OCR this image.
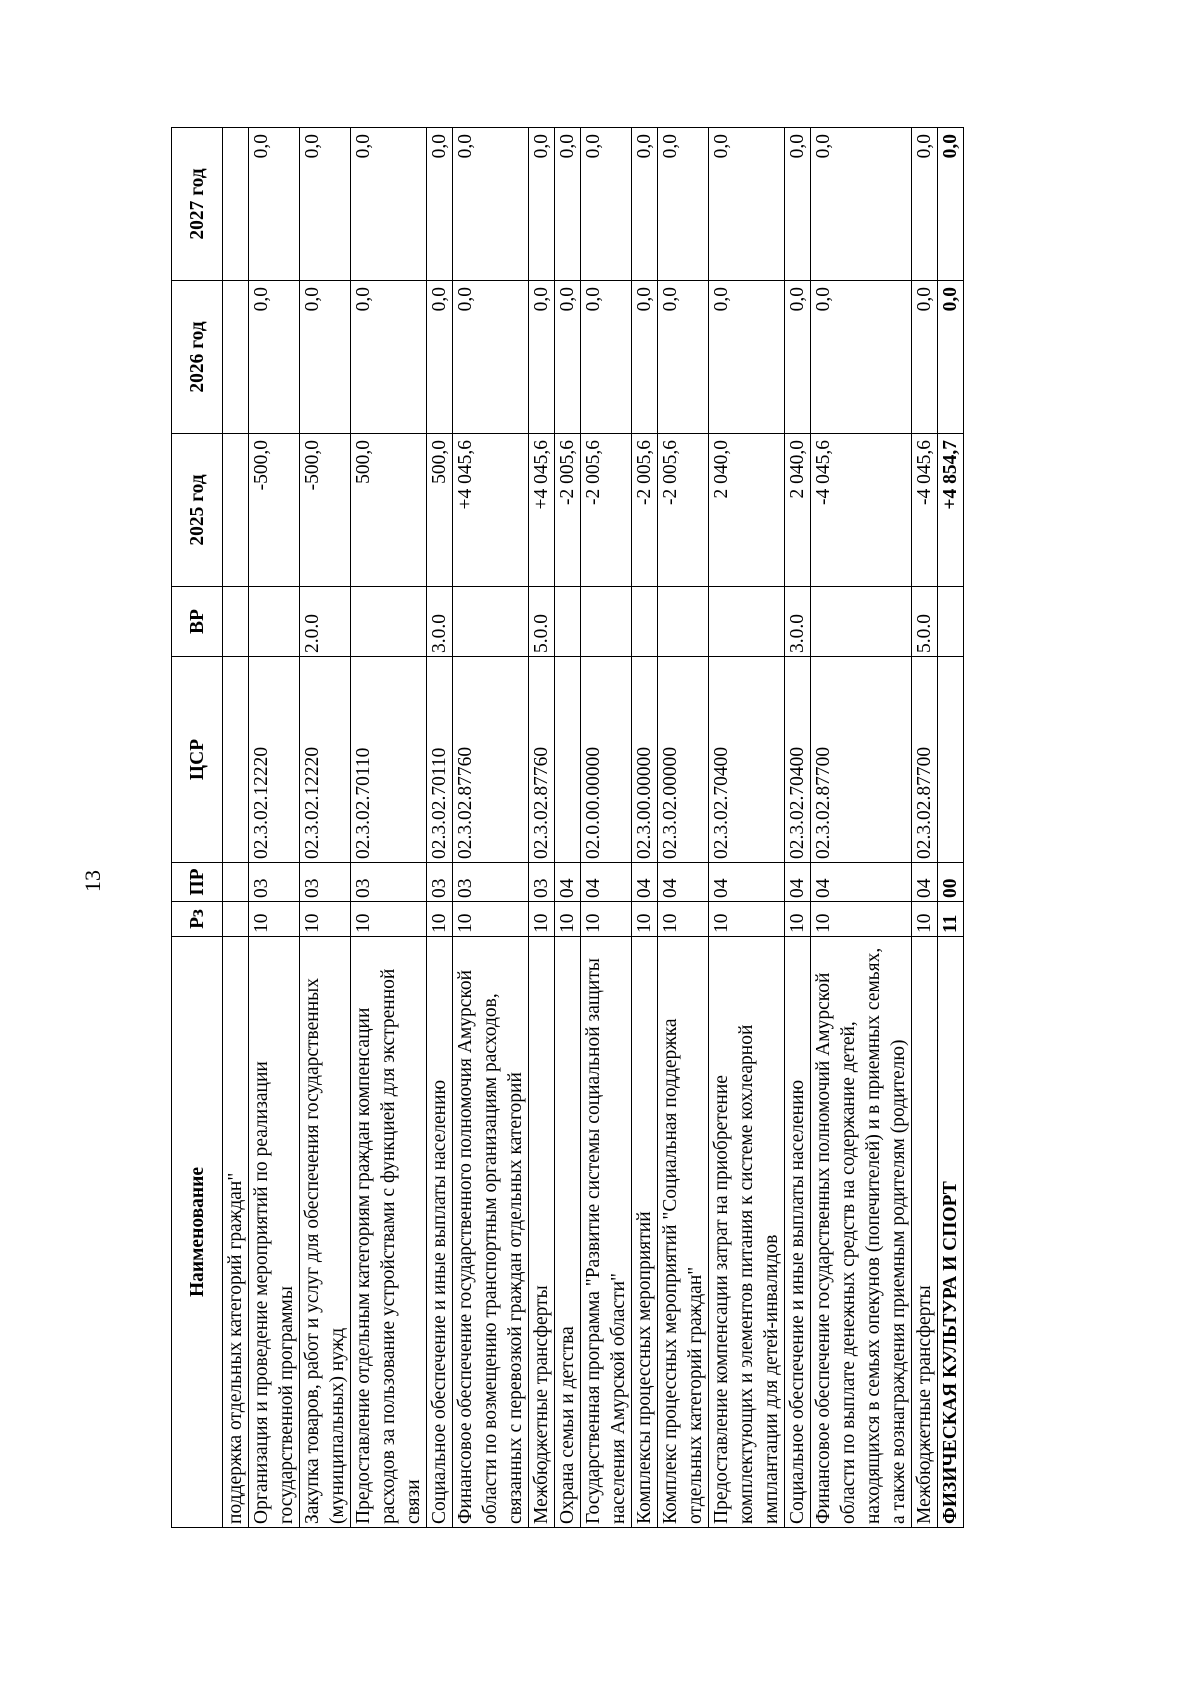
13
Наименование	Рз	ПР	ЦСР	ВР	2025 год	2026 год	2027 год
поддержка отдельных категорий граждан"							
Организация и проведение мероприятий по реализации государственной программы	10	03	02.3.02.12220		-500,0	0,0	0,0
Закупка товаров, работ и услуг для обеспечения государственных (муниципальных) нужд	10	03	02.3.02.12220	2.0.0	-500,0	0,0	0,0
Предоставление отдельным категориям граждан компенсации расходов за пользование устройствами с функцией для экстренной связи	10	03	02.3.02.70110		500,0	0,0	0,0
Социальное обеспечение и иные выплаты населению	10	03	02.3.02.70110	3.0.0	500,0	0,0	0,0
Финансовое обеспечение государственного полномочия Амурской области по возмещению транспортным организациям расходов, связанных с перевозкой граждан отдельных категорий	10	03	02.3.02.87760		+4 045,6	0,0	0,0
Межбюджетные трансферты	10	03	02.3.02.87760	5.0.0	+4 045,6	0,0	0,0
Охрана семьи и детства	10	04			-2 005,6	0,0	0,0
Государственная программа "Развитие системы социальной защиты населения Амурской области"	10	04	02.0.00.00000		-2 005,6	0,0	0,0
Комплексы процессных мероприятий	10	04	02.3.00.00000		-2 005,6	0,0	0,0
Комплекс процессных мероприятий "Социальная поддержка отдельных категорий граждан"	10	04	02.3.02.00000		-2 005,6	0,0	0,0
Предоставление компенсации затрат на приобретение комплектующих и элементов питания к системе кохлеарной имплантации для детей-инвалидов	10	04	02.3.02.70400		2 040,0	0,0	0,0
Социальное обеспечение и иные выплаты населению	10	04	02.3.02.70400	3.0.0	2 040,0	0,0	0,0
Финансовое обеспечение государственных полномочий Амурской области по выплате денежных средств на содержание детей, находящихся в семьях опекунов (попечителей) и в приемных семьях, а также вознаграждения приемным родителям (родителю)	10	04	02.3.02.87700		-4 045,6	0,0	0,0
Межбюджетные трансферты	10	04	02.3.02.87700	5.0.0	-4 045,6	0,0	0,0
ФИЗИЧЕСКАЯ КУЛЬТУРА И СПОРТ	11	00			+4 854,7	0,0	0,0
